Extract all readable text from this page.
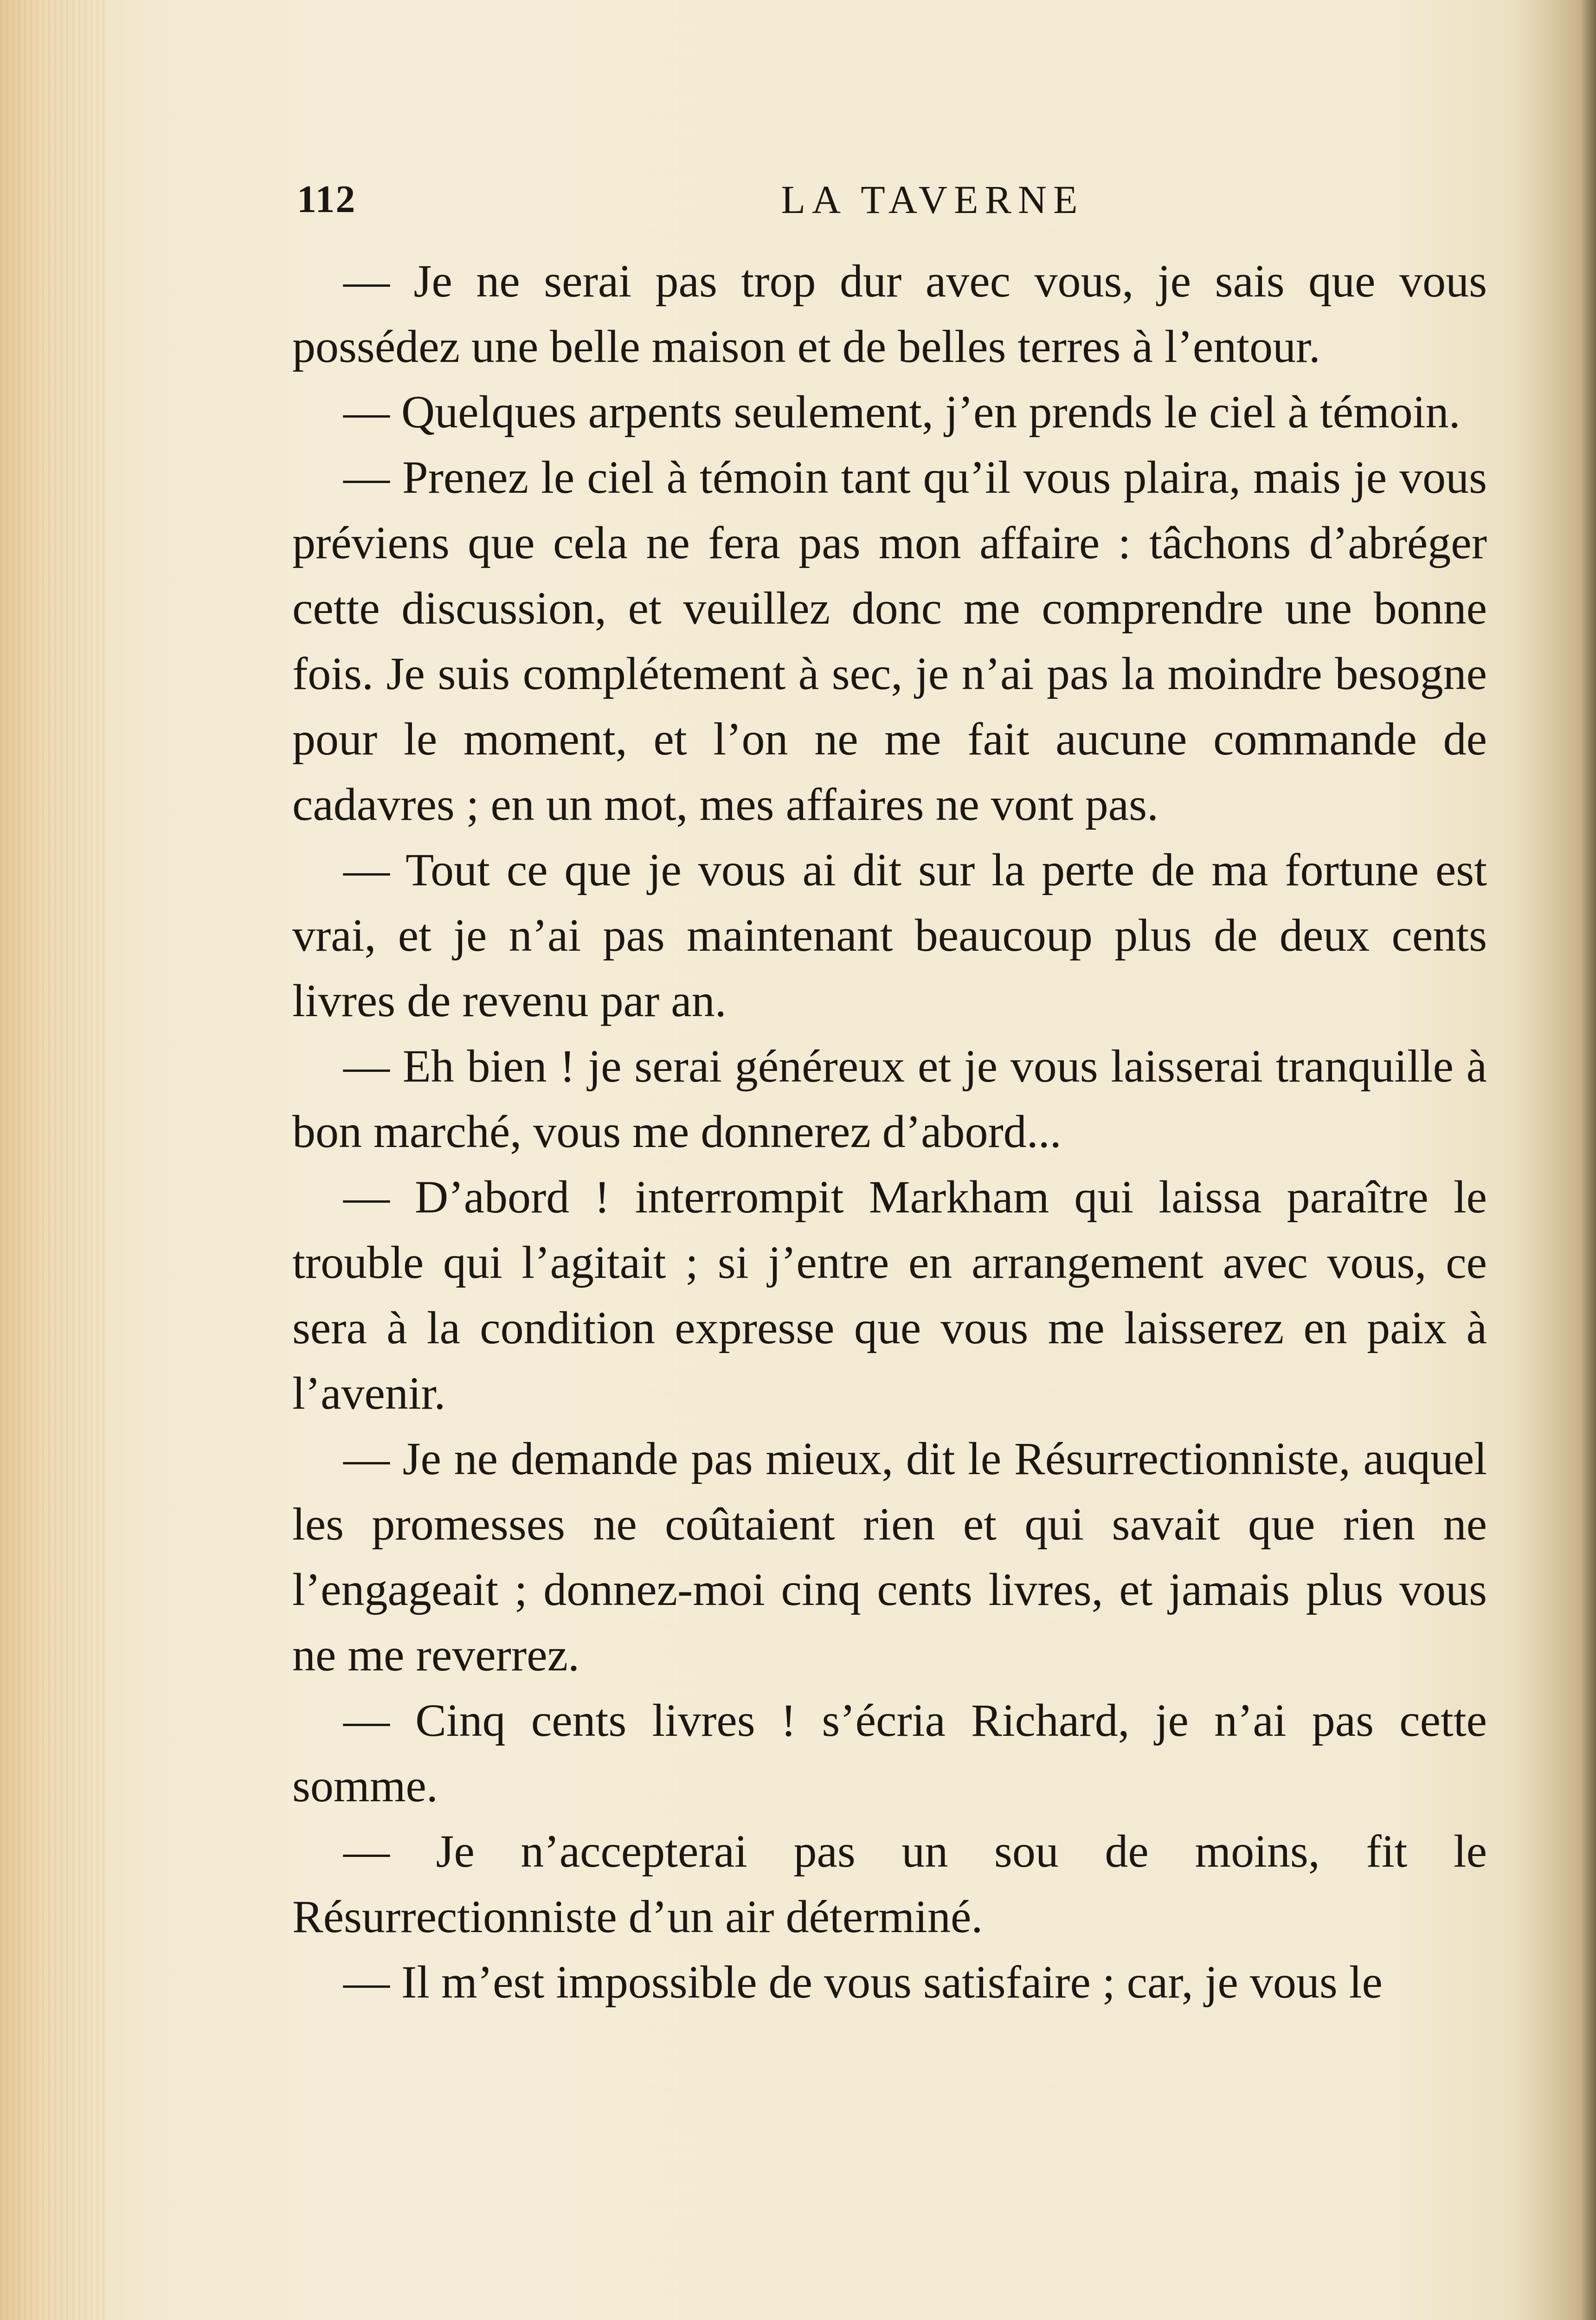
112	LA TAVERNE

— Je ne serai pas trop dur avec vous, je sais que vous possédez une belle maison et de belles terres à l’entour.

— Quelques arpents seulement, j’en prends le ciel à témoin.

— Prenez le ciel à témoin tant qu’il vous plaira, mais je vous préviens que cela ne fera pas mon affaire : tâchons d’abréger cette discussion, et veuillez donc me comprendre une bonne fois. Je suis complétement à sec, je n’ai pas la moindre besogne pour le moment, et l’on ne me fait aucune commande de cadavres ; en un mot, mes affaires ne vont pas.

— Tout ce que je vous ai dit sur la perte de ma fortune est vrai, et je n’ai pas maintenant beaucoup plus de deux cents livres de revenu par an.

— Eh bien ! je serai généreux et je vous laisserai tranquille à bon marché, vous me donnerez d’abord...

— D’abord ! interrompit Markham qui laissa paraître le trouble qui l’agitait ; si j’entre en arrangement avec vous, ce sera à la condition expresse que vous me laisserez en paix à l’avenir.

— Je ne demande pas mieux, dit le Résurrectionniste, auquel les promesses ne coûtaient rien et qui savait que rien ne l’engageait ; donnez-moi cinq cents livres, et jamais plus vous ne me reverrez.

— Cinq cents livres ! s’écria Richard, je n’ai pas cette somme.

— Je n’accepterai pas un sou de moins, fit le Résurrectionniste d’un air déterminé.

— Il m’est impossible de vous satisfaire ; car, je vous le
